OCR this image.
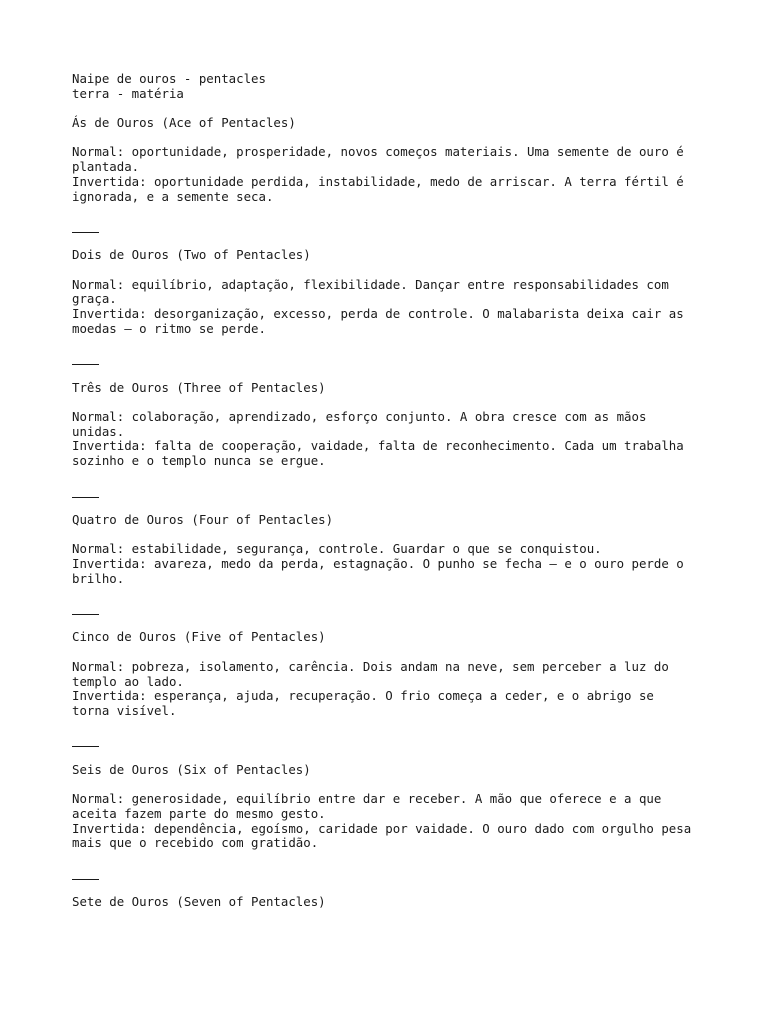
Naipe de ouros - pentacles
terra - matéria
Ás de Ouros (Ace of Pentacles)
Normal: oportunidade, prosperidade, novos começos materiais. Uma semente de ouro é
plantada.
Invertida: oportunidade perdida, instabilidade, medo de arriscar. A terra fértil é
ignorada, e a semente seca.
Dois de Ouros (Two of Pentacles)
Normal: equilíbrio, adaptação, flexibilidade. Dançar entre responsabilidades com
graça.
Invertida: desorganização, excesso, perda de controle. O malabarista deixa cair as
moedas — o ritmo se perde.
Três de Ouros (Three of Pentacles)
Normal: colaboração, aprendizado, esforço conjunto. A obra cresce com as mãos
unidas.
Invertida: falta de cooperação, vaidade, falta de reconhecimento. Cada um trabalha
sozinho e o templo nunca se ergue.
Quatro de Ouros (Four of Pentacles)
Normal: estabilidade, segurança, controle. Guardar o que se conquistou.
Invertida: avareza, medo da perda, estagnação. O punho se fecha — e o ouro perde o
brilho.
Cinco de Ouros (Five of Pentacles)
Normal: pobreza, isolamento, carência. Dois andam na neve, sem perceber a luz do
templo ao lado.
Invertida: esperança, ajuda, recuperação. O frio começa a ceder, e o abrigo se
torna visível.
Seis de Ouros (Six of Pentacles)
Normal: generosidade, equilíbrio entre dar e receber. A mão que oferece e a que
aceita fazem parte do mesmo gesto.
Invertida: dependência, egoísmo, caridade por vaidade. O ouro dado com orgulho pesa
mais que o recebido com gratidão.
Sete de Ouros (Seven of Pentacles)
